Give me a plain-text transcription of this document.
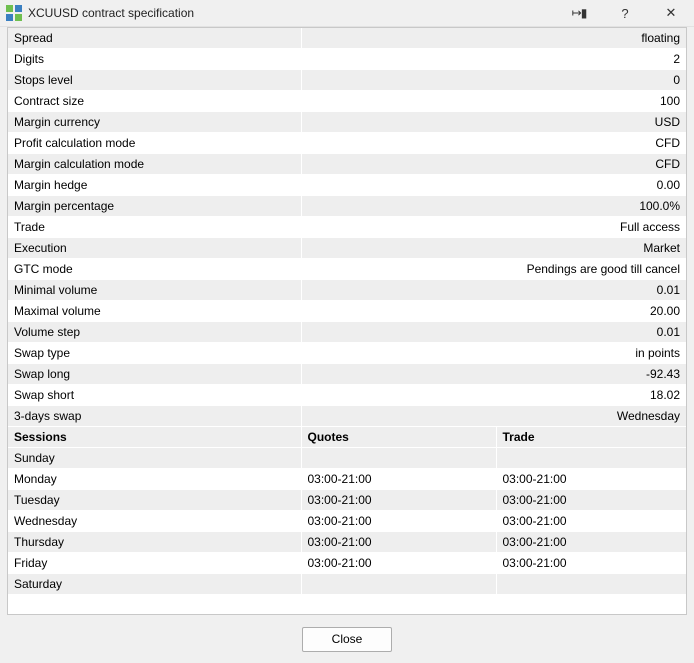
XCUUSD contract specification	↦▮	?	✕
Spread	floating	
Digits	2	
Stops level	0	
Contract size	100	
Margin currency	USD	
Profit calculation mode	CFD	
Margin calculation mode	CFD	
Margin hedge	0.00	
Margin percentage	100.0%	
Trade	Full access	
Execution	Market	
GTC mode	Pendings are good till cancel	
Minimal volume	0.01	
Maximal volume	20.00	
Volume step	0.01	
Swap type	in points	
Swap long	-92.43	
Swap short	18.02	
3-days swap	Wednesday	
Sessions	Quotes	Trade
Sunday		
Monday	03:00-21:00	03:00-21:00
Tuesday	03:00-21:00	03:00-21:00
Wednesday	03:00-21:00	03:00-21:00
Thursday	03:00-21:00	03:00-21:00
Friday	03:00-21:00	03:00-21:00
Saturday		
Close
